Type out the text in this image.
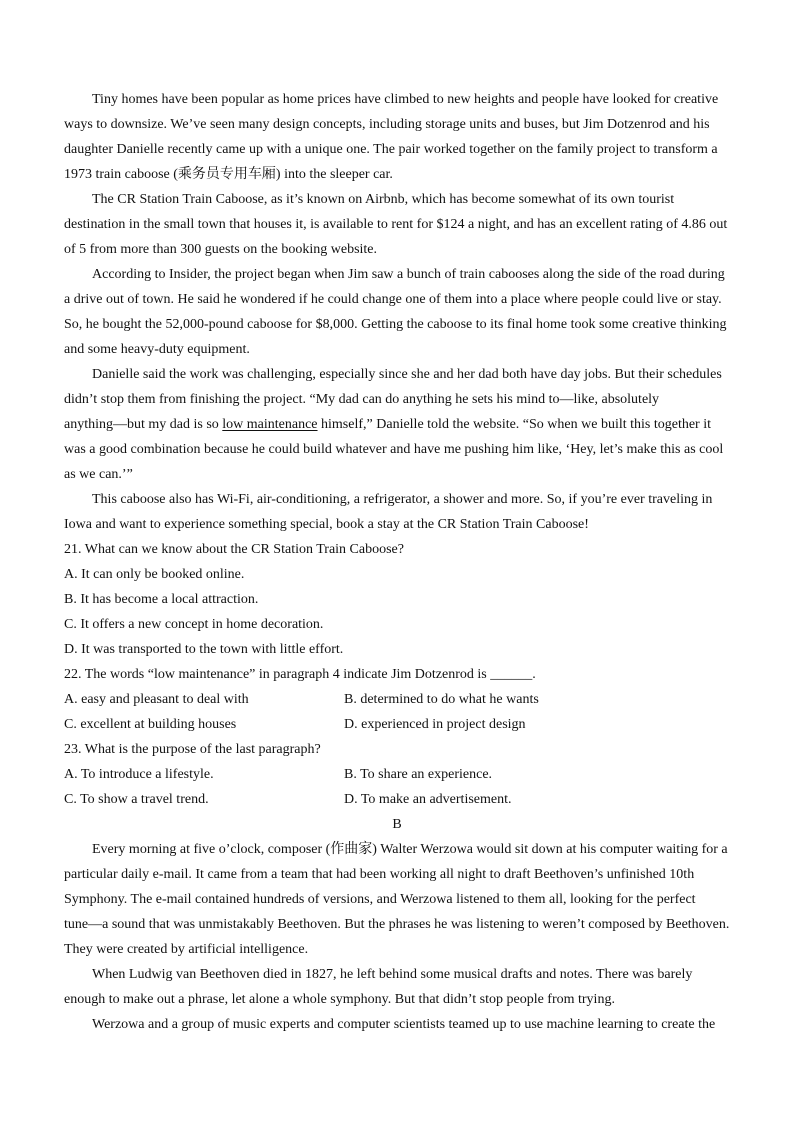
Tiny homes have been popular as home prices have climbed to new heights and people have looked for creative
ways to downsize. We’ve seen many design concepts, including storage units and buses, but Jim Dotzenrod and his
daughter Danielle recently came up with a unique one. The pair worked together on the family project to transform a
1973 train caboose (乘务员专用车厢) into the sleeper car.
The CR Station Train Caboose, as it’s known on Airbnb, which has become somewhat of its own tourist
destination in the small town that houses it, is available to rent for $124 a night, and has an excellent rating of 4.86 out
of 5 from more than 300 guests on the booking website.
According to Insider, the project began when Jim saw a bunch of train cabooses along the side of the road during
a drive out of town. He said he wondered if he could change one of them into a place where people could live or stay.
So, he bought the 52,000-pound caboose for $8,000. Getting the caboose to its final home took some creative thinking
and some heavy-duty equipment.
Danielle said the work was challenging, especially since she and her dad both have day jobs. But their schedules
didn’t stop them from finishing the project. “My dad can do anything he sets his mind to—like, absolutely
anything—but my dad is so low maintenance himself,” Danielle told the website. “So when we built this together it
was a good combination because he could build whatever and have me pushing him like, ‘Hey, let’s make this as cool
as we can.’”
This caboose also has Wi-Fi, air-conditioning, a refrigerator, a shower and more. So, if you’re ever traveling in
Iowa and want to experience something special, book a stay at the CR Station Train Caboose!
21. What can we know about the CR Station Train Caboose?
A. It can only be booked online.
B. It has become a local attraction.
C. It offers a new concept in home decoration.
D. It was transported to the town with little effort.
22. The words “low maintenance” in paragraph 4 indicate Jim Dotzenrod is ______.
A. easy and pleasant to deal with	B. determined to do what he wants
C. excellent at building houses	D. experienced in project design
23. What is the purpose of the last paragraph?
A. To introduce a lifestyle.	B. To share an experience.
C. To show a travel trend.	D. To make an advertisement.
B
Every morning at five o’clock, composer (作曲家) Walter Werzowa would sit down at his computer waiting for a
particular daily e-mail. It came from a team that had been working all night to draft Beethoven’s unfinished 10th
Symphony. The e-mail contained hundreds of versions, and Werzowa listened to them all, looking for the perfect
tune—a sound that was unmistakably Beethoven. But the phrases he was listening to weren’t composed by Beethoven.
They were created by artificial intelligence.
When Ludwig van Beethoven died in 1827, he left behind some musical drafts and notes. There was barely
enough to make out a phrase, let alone a whole symphony. But that didn’t stop people from trying.
Werzowa and a group of music experts and computer scientists teamed up to use machine learning to create the
